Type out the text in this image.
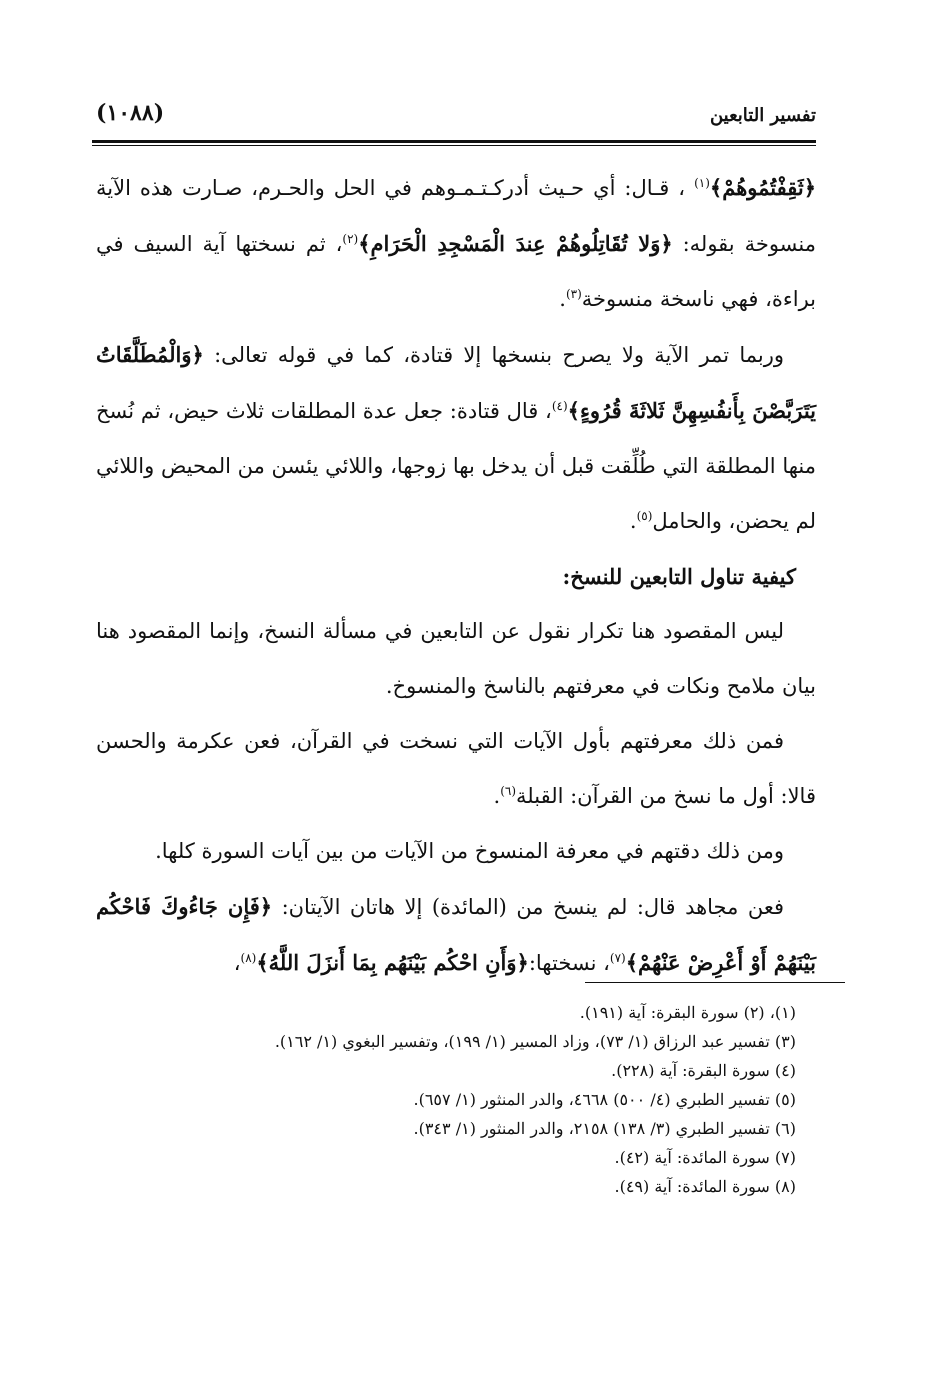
تفسير التابعين
(١٠٨٨)

﴿ثَقِفْتُمُوهُمْ﴾$^{(١)}$ ، قـال: أي حـيث أدركـتـمـوهم في الحل والحـرم، صـارت هذه الآية منسوخة بقوله: ﴿وَلا تُقَاتِلُوهُمْ عِندَ الْمَسْجِدِ الْحَرَامِ﴾$^{(٢)}$، ثم نسختها آية السيف في براءة، فهي ناسخة منسوخة$^{(٣)}$.

وربما تمر الآية ولا يصرح بنسخها إلا قتادة، كما في قوله تعالى: ﴿وَالْمُطَلَّقَاتُ يَتَرَبَّصْنَ بِأَنفُسِهِنَّ ثَلاثَةَ قُرُوءٍ﴾$^{(٤)}$، قال قتادة: جعل عدة المطلقات ثلاث حيض، ثم نُسخ منها المطلقة التي طُلِّقت قبل أن يدخل بها زوجها، واللائي يئسن من المحيض واللائي لم يحضن، والحامل$^{(٥)}$.

كيفية تناول التابعين للنسخ:

ليس المقصود هنا تكرار نقول عن التابعين في مسألة النسخ، وإنما المقصود هنا بيان ملامح ونكات في معرفتهم بالناسخ والمنسوخ.

فمن ذلك معرفتهم بأول الآيات التي نسخت في القرآن، فعن عكرمة والحسن قالا: أول ما نسخ من القرآن: القبلة$^{(٦)}$.

ومن ذلك دقتهم في معرفة المنسوخ من الآيات من بين آيات السورة كلها.

فعن مجاهد قال: لم ينسخ من (المائدة) إلا هاتان الآيتان: ﴿فَإِن جَاءُوكَ فَاحْكُم بَيْنَهُمْ أَوْ أَعْرِضْ عَنْهُمْ﴾$^{(٧)}$، نسختها:﴿وَأَنِ احْكُم بَيْنَهُم بِمَا أَنزَلَ اللَّهُ﴾$^{(٨)}$،

(١)، (٢) سورة البقرة: آية (١٩١).

(٣) تفسير عبد الرزاق (١/ ٧٣)، وزاد المسير (١/ ١٩٩)، وتفسير البغوي (١/ ١٦٢).

(٤) سورة البقرة: آية (٢٢٨).

(٥) تفسير الطبري (٤/ ٥٠٠) ٤٦٦٨، والدر المنثور (١/ ٦٥٧).

(٦) تفسير الطبري (٣/ ١٣٨) ٢١٥٨، والدر المنثور (١/ ٣٤٣).

(٧) سورة المائدة: آية (٤٢).

(٨) سورة المائدة: آية (٤٩).
